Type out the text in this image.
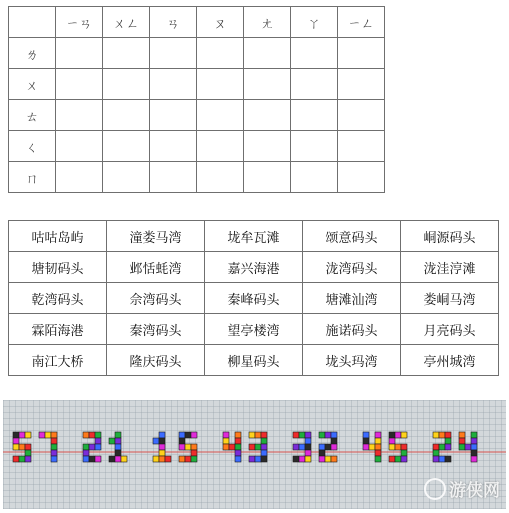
	ㄧㄢ	ㄨㄥ	ㄢ	ㄡ	ㄤ	ㄚ	ㄧㄥ
ㄌ							
ㄨ							
ㄊ							
ㄑ							
ㄇ							
咕咕岛屿	潼娄马湾	垅牟瓦滩	颂意码头	峒源码头
塘韧码头	邺恬蚝湾	嘉兴海港	泷湾码头	泷洼涥滩
乾湾码头	佘湾码头	秦峰码头	塘滩汕湾	娄峒马湾
霖陌海港	秦湾码头	望亭楼湾	施诺码头	月亮码头
南江大桥	隆庆码头	柳星码头	垅头玛湾	亭州城湾
游侠网
